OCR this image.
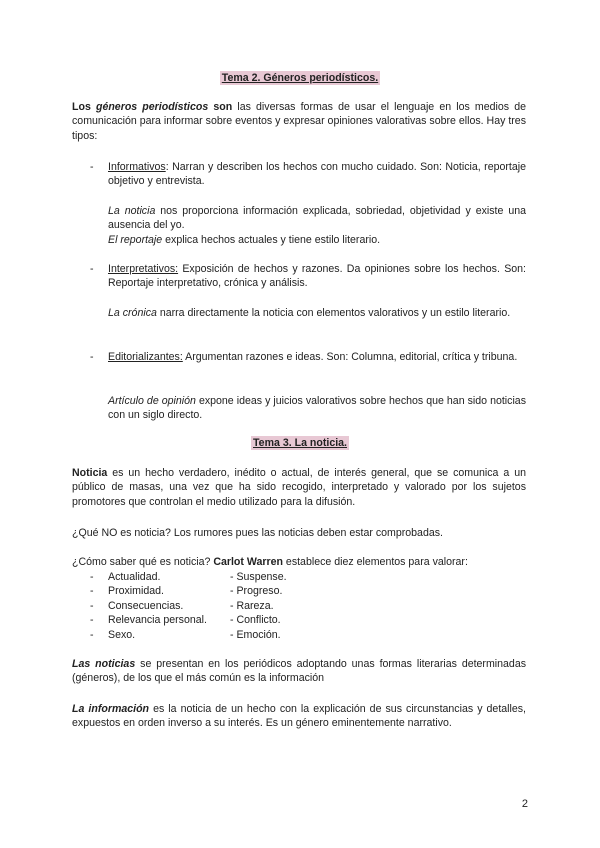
Tema 2. Géneros periodísticos.
Los géneros periodísticos son las diversas formas de usar el lenguaje en los medios de comunicación para informar sobre eventos y expresar opiniones valorativas sobre ellos. Hay tres tipos:
- Informativos: Narran y describen los hechos con mucho cuidado. Son: Noticia, reportaje objetivo y entrevista.
La noticia nos proporciona información explicada, sobriedad, objetividad y existe una ausencia del yo.
El reportaje explica hechos actuales y tiene estilo literario.
- Interpretativos: Exposición de hechos y razones. Da opiniones sobre los hechos. Son: Reportaje interpretativo, crónica y análisis.
La crónica narra directamente la noticia con elementos valorativos y un estilo literario.
- Editorializantes: Argumentan razones e ideas. Son: Columna, editorial, crítica y tribuna.
Artículo de opinión expone ideas y juicios valorativos sobre hechos que han sido noticias con un siglo directo.
Tema 3. La noticia.
Noticia es un hecho verdadero, inédito o actual, de interés general, que se comunica a un público de masas, una vez que ha sido recogido, interpretado y valorado por los sujetos promotores que controlan el medio utilizado para la difusión.
¿Qué NO es noticia? Los rumores pues las noticias deben estar comprobadas.
¿Cómo saber qué es noticia? Carlot Warren establece diez elementos para valorar:
- Actualidad.	- Suspense.
- Proximidad.	- Progreso.
- Consecuencias.	- Rareza.
- Relevancia personal. - Conflicto.
- Sexo.	- Emoción.
Las noticias se presentan en los periódicos adoptando unas formas literarias determinadas (géneros), de los que el más común es la información
La información es la noticia de un hecho con la explicación de sus circunstancias y detalles, expuestos en orden inverso a su interés. Es un género eminentemente narrativo.
2
